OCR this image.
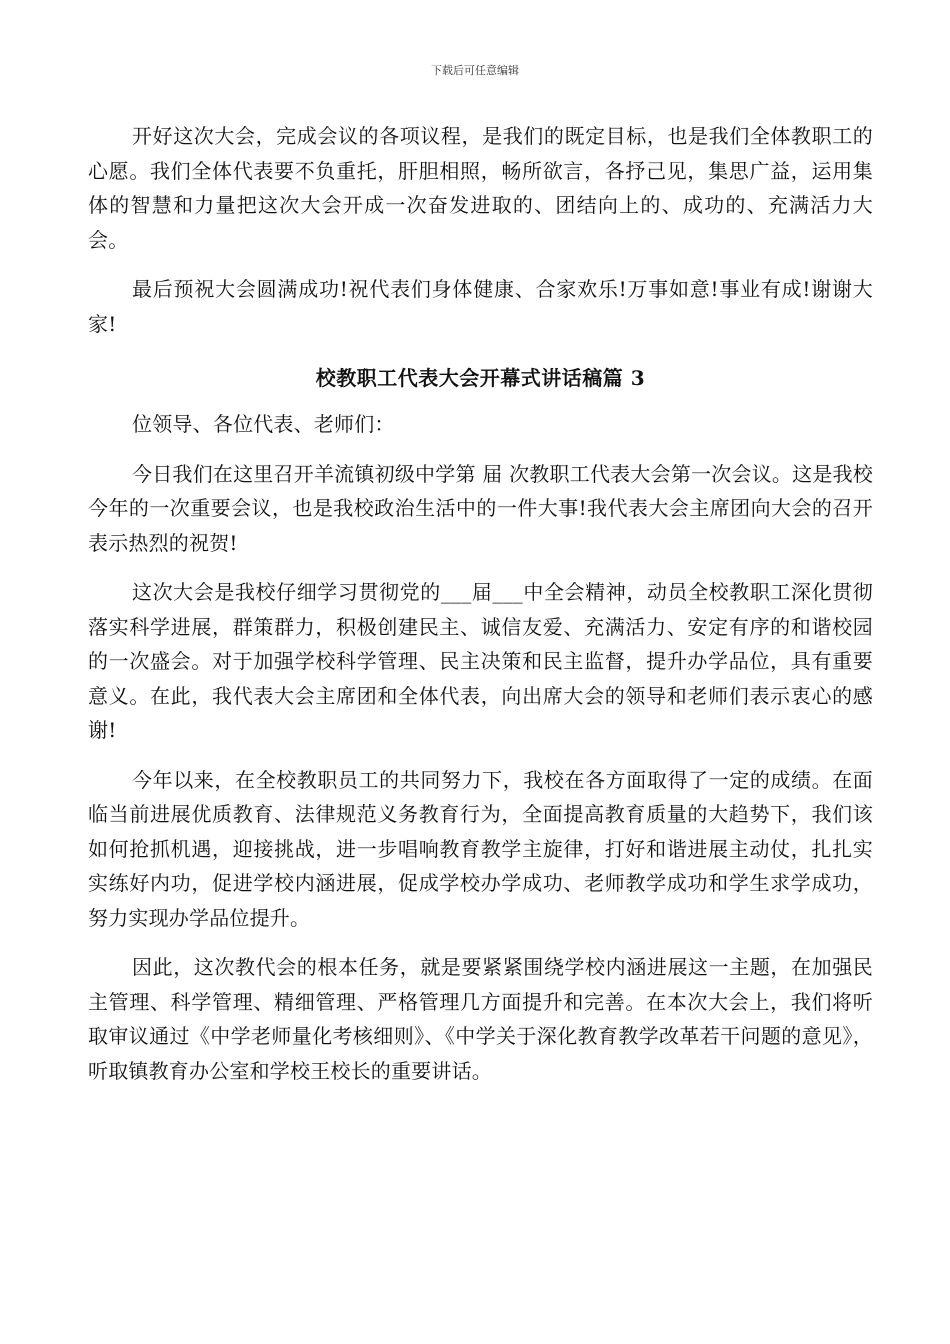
下载后可任意编辑

开好这次大会，完成会议的各项议程，是我们的既定目标，也是我们全体教职工的心愿。我们全体代表要不负重托，肝胆相照，畅所欲言，各抒己见，集思广益，运用集体的智慧和力量把这次大会开成一次奋发进取的、团结向上的、成功的、充满活力大会。

最后预祝大会圆满成功!祝代表们身体健康、合家欢乐!万事如意!事业有成!谢谢大家!

校教职工代表大会开幕式讲话稿篇 3

位领导、各位代表、老师们：

今日我们在这里召开羊流镇初级中学第 届 次教职工代表大会第一次会议。这是我校今年的一次重要会议，也是我校政治生活中的一件大事!我代表大会主席团向大会的召开表示热烈的祝贺!

这次大会是我校仔细学习贯彻党的___届___中全会精神，动员全校教职工深化贯彻落实科学进展，群策群力，积极创建民主、诚信友爱、充满活力、安定有序的和谐校园的一次盛会。对于加强学校科学管理、民主决策和民主监督，提升办学品位，具有重要意义。在此，我代表大会主席团和全体代表，向出席大会的领导和老师们表示衷心的感谢!

今年以来，在全校教职员工的共同努力下，我校在各方面取得了一定的成绩。在面临当前进展优质教育、法律规范义务教育行为，全面提高教育质量的大趋势下，我们该如何抢抓机遇，迎接挑战，进一步唱响教育教学主旋律，打好和谐进展主动仗，扎扎实实练好内功，促进学校内涵进展，促成学校办学成功、老师教学成功和学生求学成功，努力实现办学品位提升。

因此，这次教代会的根本任务，就是要紧紧围绕学校内涵进展这一主题，在加强民主管理、科学管理、精细管理、严格管理几方面提升和完善。在本次大会上，我们将听取审议通过《中学老师量化考核细则》、《中学关于深化教育教学改革若干问题的意见》，听取镇教育办公室和学校王校长的重要讲话。
